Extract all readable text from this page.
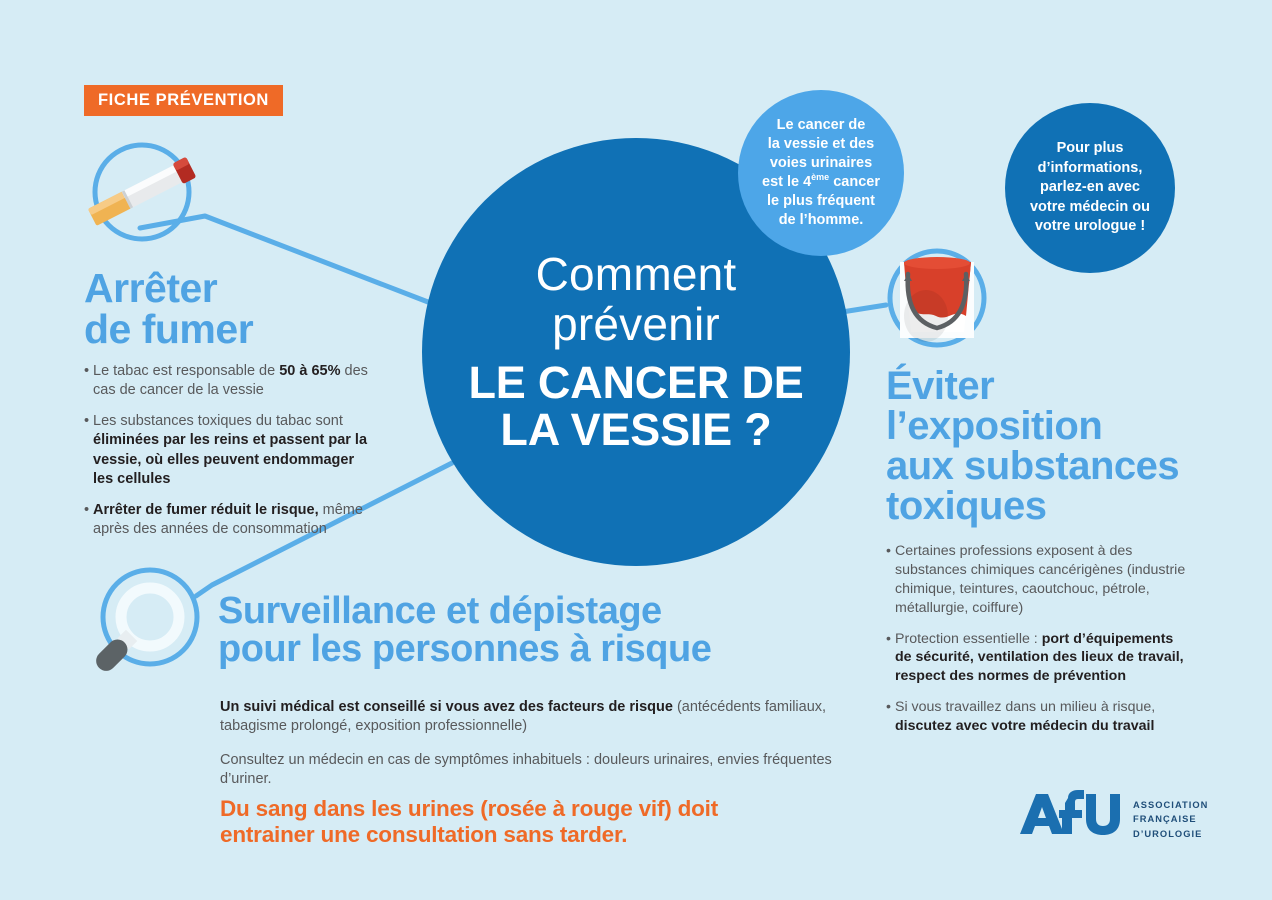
FICHE PRÉVENTION
Arrêter
de fumer
• Le tabac est responsable de 50 à 65% des cas de cancer de la vessie
• Les substances toxiques du tabac sont éliminées par les reins et passent par la vessie, où elles peuvent endommager les cellules
• Arrêter de fumer réduit le risque, même après des années de consommation
Comment
prévenir
LE CANCER DE
LA VESSIE ?
Le cancer de
la vessie et des
voies urinaires
est le 4ème cancer
le plus fréquent
de l’homme.
Pour plus
d’informations,
parlez-en avec
votre médecin ou
votre urologue !
Éviter
l’exposition
aux substances
toxiques
• Certaines professions exposent à des substances chimiques cancérigènes (industrie chimique, teintures, caoutchouc, pétrole, métallurgie, coiffure)
• Protection essentielle : port d’équipements de sécurité, ventilation des lieux de travail, respect des normes de prévention
• Si vous travaillez dans un milieu à risque, discutez avec votre médecin du travail
Surveillance et dépistage
pour les personnes à risque
Un suivi médical est conseillé si vous avez des facteurs de risque (antécédents familiaux, tabagisme prolongé, exposition professionnelle)
Consultez un médecin en cas de symptômes inhabituels : douleurs urinaires, envies fréquentes d’uriner.
Du sang dans les urines (rosée à rouge vif) doit
entrainer une consultation sans tarder.
ASSOCIATION
FRANÇAISE
D’UROLOGIE
